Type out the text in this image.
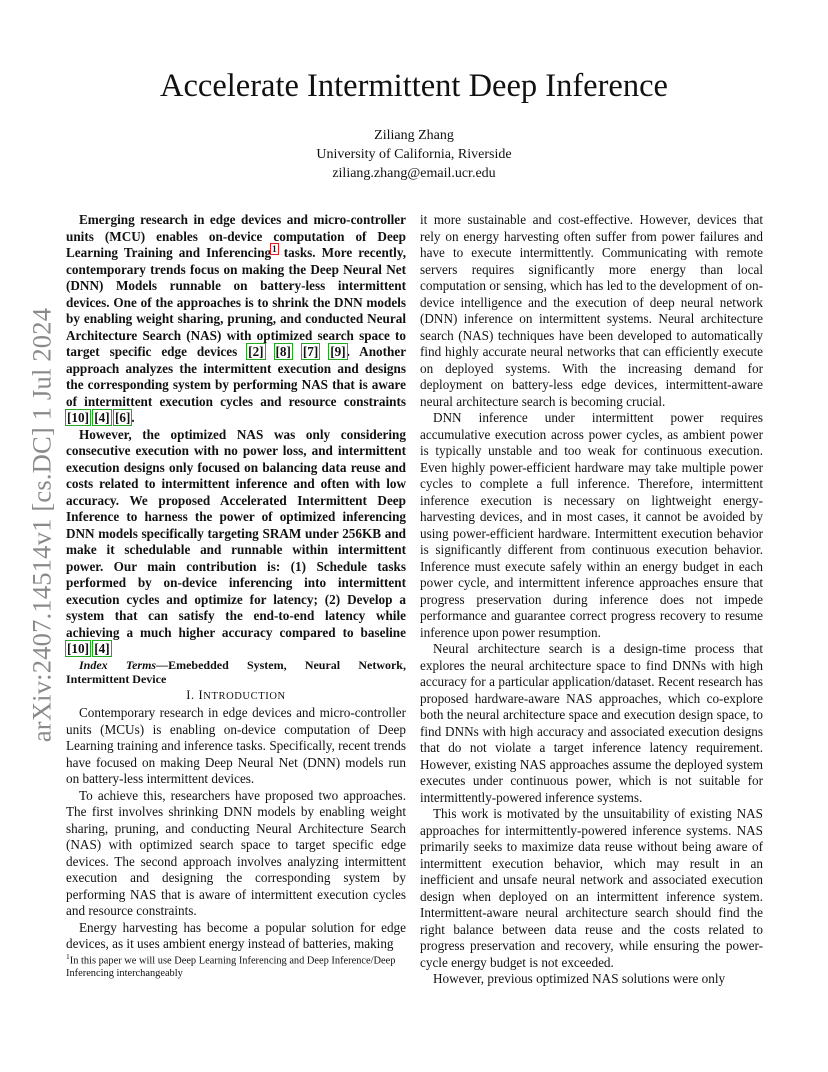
arXiv:2407.14514v1 [cs.DC] 1 Jul 2024
Accelerate Intermittent Deep Inference
Ziliang Zhang
University of California, Riverside
ziliang.zhang@email.ucr.edu

Emerging research in edge devices and micro-controller units (MCU) enables on-device computation of Deep Learning Training and Inferencing$^1$ tasks. More recently, contemporary trends focus on making the Deep Neural Net (DNN) Models runnable on battery-less intermittent devices. One of the approaches is to shrink the DNN models by enabling weight sharing, pruning, and conducted Neural Architecture Search (NAS) with optimized search space to target specific edge devices [2] [8] [7] [9]. Another approach analyzes the intermittent execution and designs the corresponding system by performing NAS that is aware of intermittent execution cycles and resource constraints [10] [4] [6].

However, the optimized NAS was only considering consecutive execution with no power loss, and intermittent execution designs only focused on balancing data reuse and costs related to intermittent inference and often with low accuracy. We proposed Accelerated Intermittent Deep Inference to harness the power of optimized inferencing DNN models specifically targeting SRAM under 256KB and make it schedulable and runnable within intermittent power. Our main contribution is: (1) Schedule tasks performed by on-device inferencing into intermittent execution cycles and optimize for latency; (2) Develop a system that can satisfy the end-to-end latency while achieving a much higher accuracy compared to baseline [10] [4]

Index Terms—Emebedded System, Neural Network, Intermittent Device

I. INTRODUCTION

Contemporary research in edge devices and micro-controller units (MCUs) is enabling on-device computation of Deep Learning training and inference tasks. Specifically, recent trends have focused on making Deep Neural Net (DNN) models run on battery-less intermittent devices.

To achieve this, researchers have proposed two approaches. The first involves shrinking DNN models by enabling weight sharing, pruning, and conducting Neural Architecture Search (NAS) with optimized search space to target specific edge devices. The second approach involves analyzing intermittent execution and designing the corresponding system by performing NAS that is aware of intermittent execution cycles and resource constraints.

Energy harvesting has become a popular solution for edge devices, as it uses ambient energy instead of batteries, making

it more sustainable and cost-effective. However, devices that rely on energy harvesting often suffer from power failures and have to execute intermittently. Communicating with remote servers requires significantly more energy than local computation or sensing, which has led to the development of on-device intelligence and the execution of deep neural network (DNN) inference on intermittent systems. Neural architecture search (NAS) techniques have been developed to automatically find highly accurate neural networks that can efficiently execute on deployed systems. With the increasing demand for deployment on battery-less edge devices, intermittent-aware neural architecture search is becoming crucial.

DNN inference under intermittent power requires accumulative execution across power cycles, as ambient power is typically unstable and too weak for continuous execution. Even highly power-efficient hardware may take multiple power cycles to complete a full inference. Therefore, intermittent inference execution is necessary on lightweight energy-harvesting devices, and in most cases, it cannot be avoided by using power-efficient hardware. Intermittent execution behavior is significantly different from continuous execution behavior. Inference must execute safely within an energy budget in each power cycle, and intermittent inference approaches ensure that progress preservation during inference does not impede performance and guarantee correct progress recovery to resume inference upon power resumption.

Neural architecture search is a design-time process that explores the neural architecture space to find DNNs with high accuracy for a particular application/dataset. Recent research has proposed hardware-aware NAS approaches, which co-explore both the neural architecture space and execution design space, to find DNNs with high accuracy and associated execution designs that do not violate a target inference latency requirement. However, existing NAS approaches assume the deployed system executes under continuous power, which is not suitable for intermittently-powered inference systems.

This work is motivated by the unsuitability of existing NAS approaches for intermittently-powered inference systems. NAS primarily seeks to maximize data reuse without being aware of intermittent execution behavior, which may result in an inefficient and unsafe neural network and associated execution design when deployed on an intermittent inference system. Intermittent-aware neural architecture search should find the right balance between data reuse and the costs related to progress preservation and recovery, while ensuring the power-cycle energy budget is not exceeded.

However, previous optimized NAS solutions were only

$^1$In this paper we will use Deep Learning Inferencing and Deep Inference/Deep Inferencing interchangeably
